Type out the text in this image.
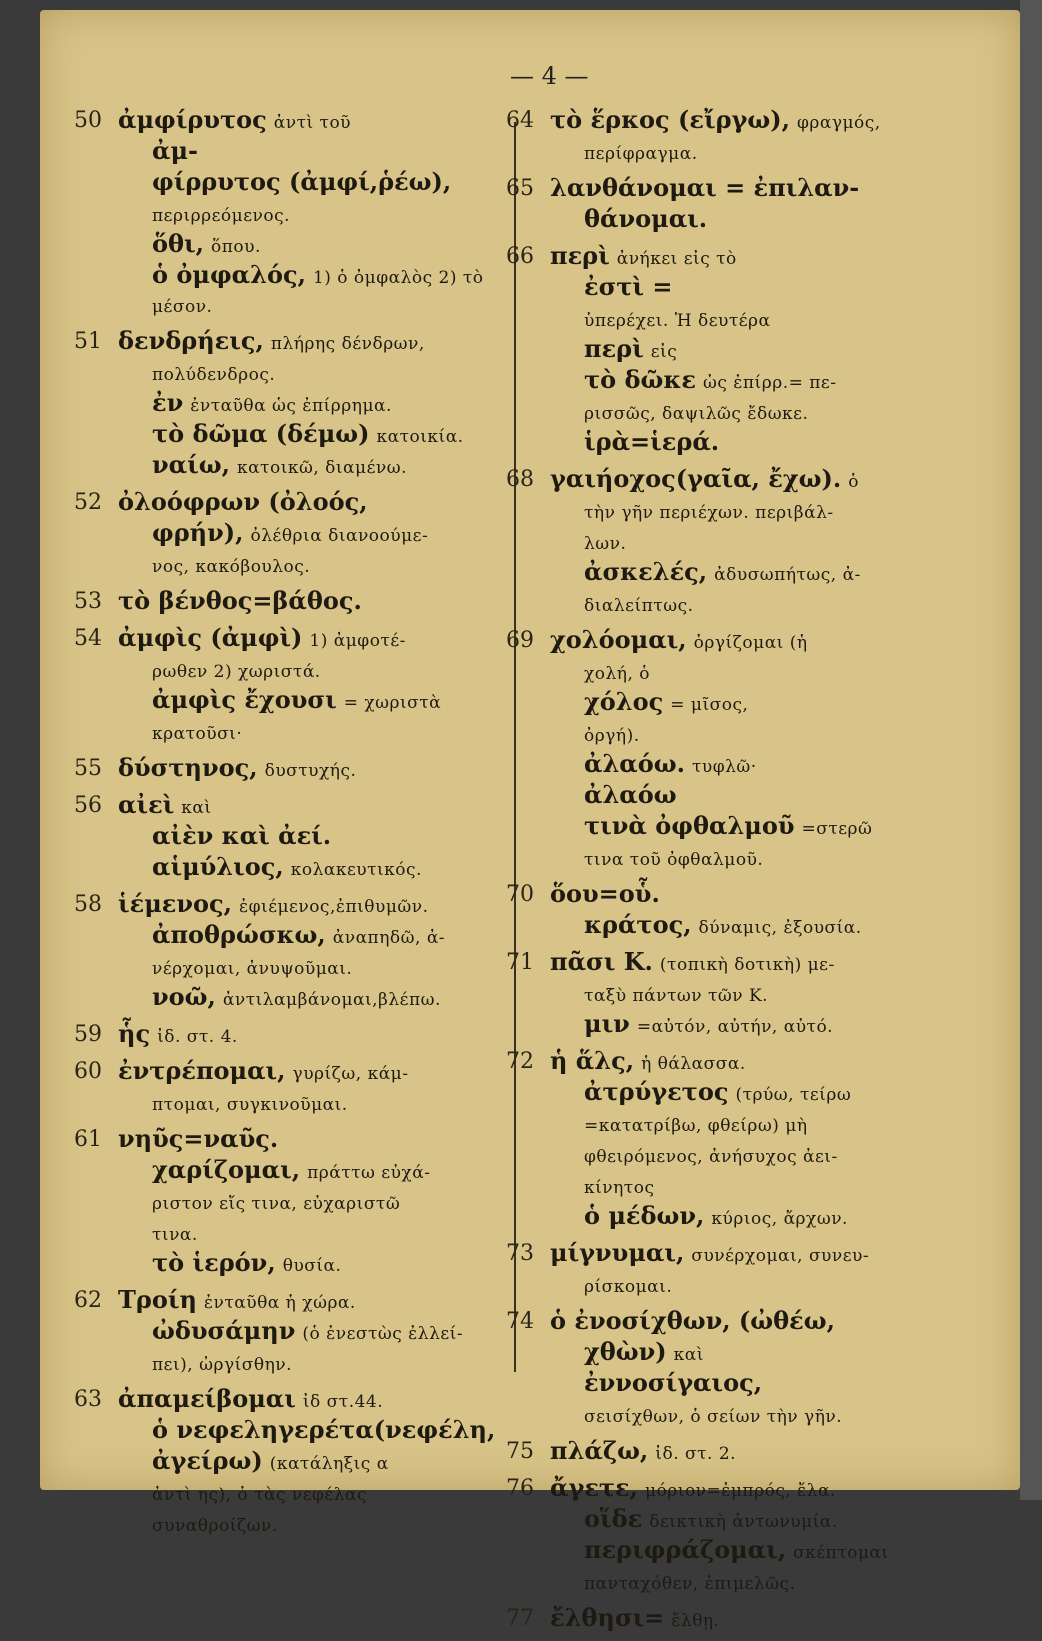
— 4 —
50 ἀμφίρυτος ἀντὶ τοῦ
ἀμ-
φίρρυτος (ἀμφί,ῥέω),
περιρρεόμενος.
ὅθι, ὅπου.
ὁ ὀμφαλός, 1) ὁ ὀμφαλὸς 2) τὸ μέσον.
51 δενδρήεις, πλήρης δένδρων,
πολύδενδρος.
ἐν ἐνταῦθα ὡς ἐπίρρημα.
τὸ δῶμα (δέμω) κατοικία.
ναίω, κατοικῶ, διαμένω.
52 ὀλοόφρων (ὀλοός,
φρήν), ὀλέθρια διανοούμε-
νος, κακόβουλος.
53 τὸ βένθος=βάθος.
54 ἀμφὶς (ἀμφὶ) 1) ἀμφοτέ-
ρωθεν 2) χωριστά.
ἀμφὶς ἔχουσι = χωριστὰ
κρατοῦσι·
55 δύστηνος, δυστυχής.
56 αἰεὶ καὶ
αἰὲν καὶ ἀεί.
αἱμύλιος, κολακευτικός.
58 ἱέμενος, ἐφιέμενος,ἐπιθυμῶν.
ἀποθρώσκω, ἀναπηδῶ, ἀ-
νέρχομαι, ἀνυψοῦμαι.
νοῶ, ἀντιλαμβάνομαι,βλέπω.
59 ἧς ἰδ. στ. 4.
60 ἐντρέπομαι, γυρίζω, κάμ-
πτομαι, συγκινοῦμαι.
61 νηῦς=ναῦς.
χαρίζομαι, πράττω εὐχά-
ριστον εἴς τινα, εὐχαριστῶ
τινα.
τὸ ἱερόν, θυσία.
62 Τροίη ἐνταῦθα ἡ χώρα.
ὠδυσάμην (ὁ ἐνεστὼς ἐλλεί-
πει), ὠργίσθην.
63 ἀπαμείβομαι ἰδ στ.44.
ὁ νεφεληγερέτα(νεφέλη,
ἀγείρω) (κατάληξις α
ἀντὶ ης), ὁ τὰς νεφέλας
συναθροίζων.
64 τὸ ἕρκος (εἴργω), φραγμός,
περίφραγμα.
65 λανθάνομαι = ἐπιλαν-
θάνομαι.
66 περὶ ἀνήκει εἰς τὸ
ἐστὶ =
ὑπερέχει. Ἡ δευτέρα
περὶ εἰς
τὸ δῶκε ὡς ἐπίρρ.= πε-
ρισσῶς, δαψιλῶς ἔδωκε.
ἱρὰ=ἱερά.
68 γαιήοχος(γαῖα, ἔχω). ὁ
τὴν γῆν περιέχων. περιβάλ-
λων.
ἀσκελές, ἀδυσωπήτως, ἀ-
διαλείπτως.
69 χολόομαι, ὀργίζομαι (ἡ
χολή, ὁ
χόλος = μῖσος,
ὀργή).
ἀλαόω. τυφλῶ·
ἀλαόω
τινὰ ὀφθαλμοῦ =στερῶ
τινα τοῦ ὀφθαλμοῦ.
70 ὅου=οὗ.
κράτος, δύναμις, ἐξουσία.
71 πᾶσι Κ. (τοπικὴ δοτικὴ) με-
ταξὺ πάντων τῶν Κ.
μιν =αὐτόν, αὐτήν, αὐτό.
72 ἡ ἅλς, ἡ θάλασσα.
ἀτρύγετος (τρύω, τείρω
=κατατρίβω, φθείρω) μὴ
φθειρόμενος, ἀνήσυχος ἀει-
κίνητος
ὁ μέδων, κύριος, ἄρχων.
73 μίγνυμαι, συνέρχομαι, συνευ-
ρίσκομαι.
74 ὁ ἐνοσίχθων, (ὠθέω,
χθὼν) καὶ
ἐννοσίγαιος,
σεισίχθων, ὁ σείων τὴν γῆν.
75 πλάζω, ἰδ. στ. 2.
76 ἄγετε, μόριον=ἐμπρός, ἔλα.
οἵδε δεικτικὴ ἀντωνυμία.
περιφράζομαι, σκέπτομαι
πανταχόθεν, ἐπιμελῶς.
77 ἔλθησι= ἔλθῃ.
